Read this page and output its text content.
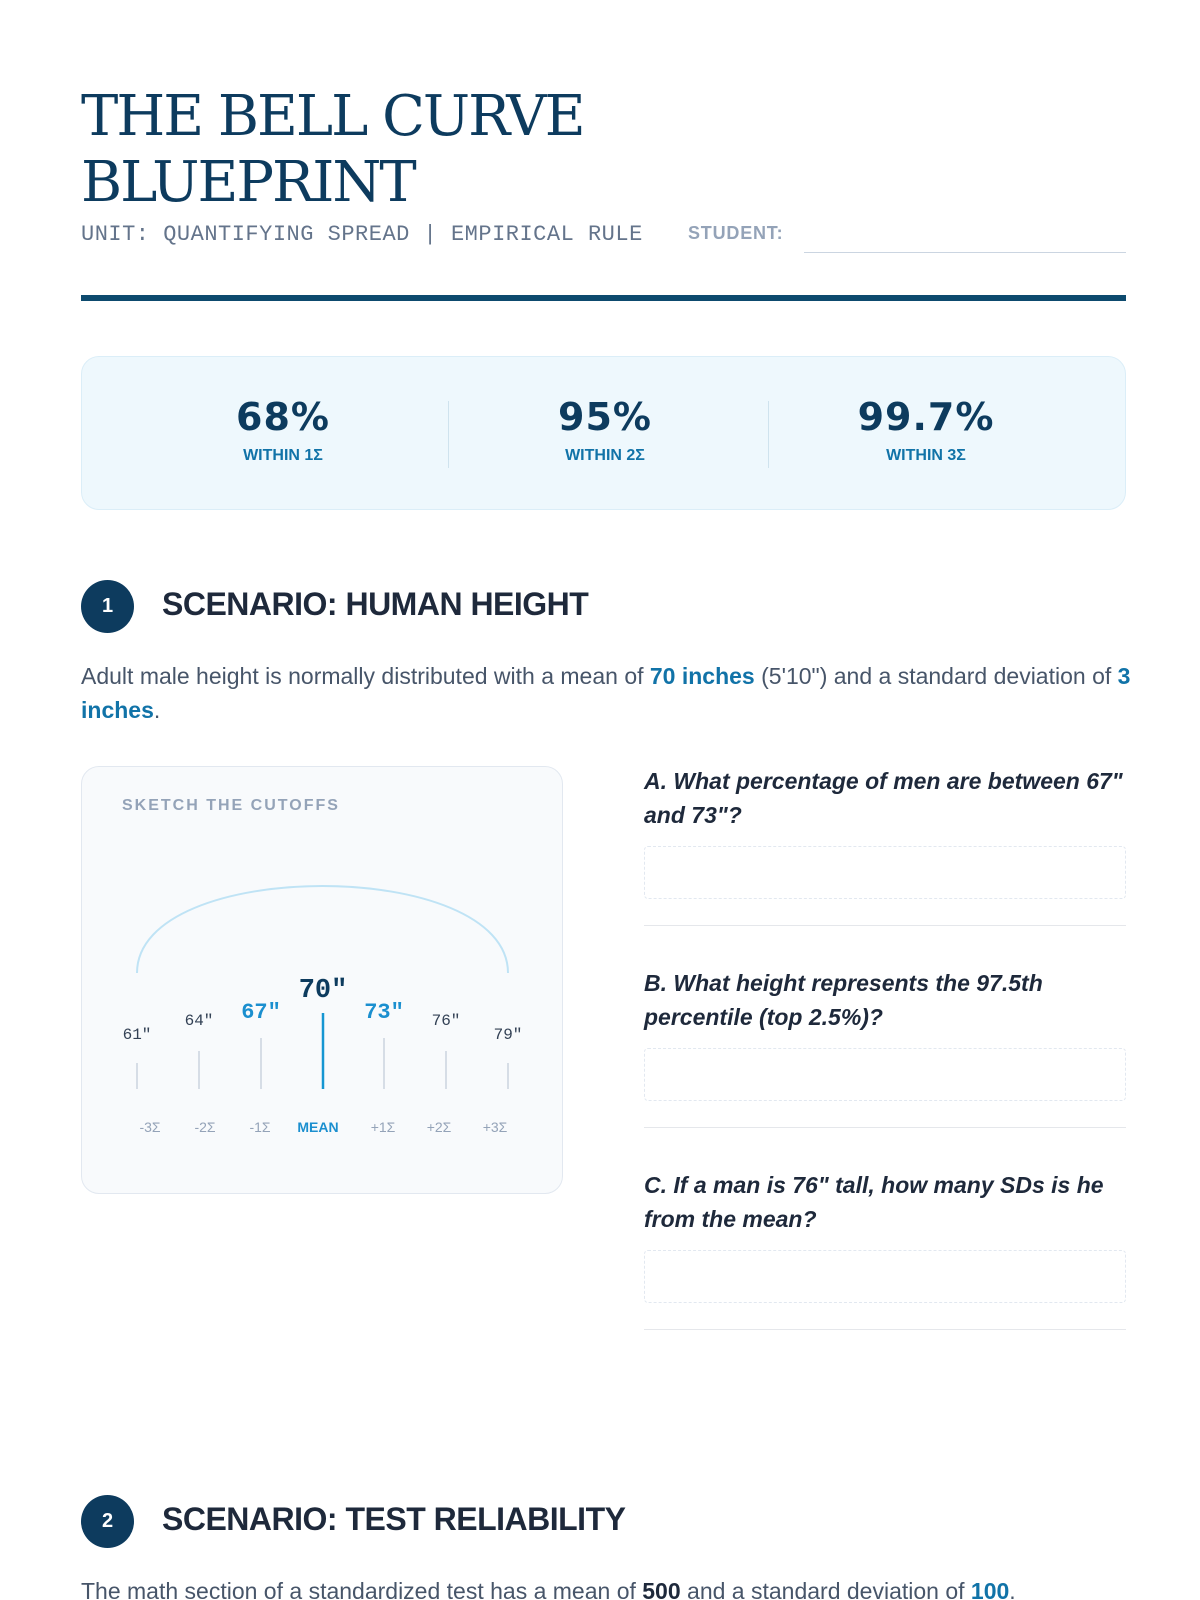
THE BELL CURVE BLUEPRINT
UNIT: QUANTIFYING SPREAD | EMPIRICAL RULE	STUDENT:
68%
WITHIN 1Σ
95%
WITHIN 2Σ
99.7%
WITHIN 3Σ
1	SCENARIO: HUMAN HEIGHT
Adult male height is normally distributed with a mean of 70 inches (5'10") and a standard deviation of 3 inches.
SKETCH THE CUTOFFS
61"
64" 67"
70"
73" 76"
79"
-3Σ -2Σ -1Σ MEAN +1Σ +2Σ +3Σ
A. What percentage of men are between 67" and 73"?
B. What height represents the 97.5th percentile (top 2.5%)?
C. If a man is 76" tall, how many SDs is he from the mean?
2	SCENARIO: TEST RELIABILITY
The math section of a standardized test has a mean of 500 and a standard deviation of 100.
